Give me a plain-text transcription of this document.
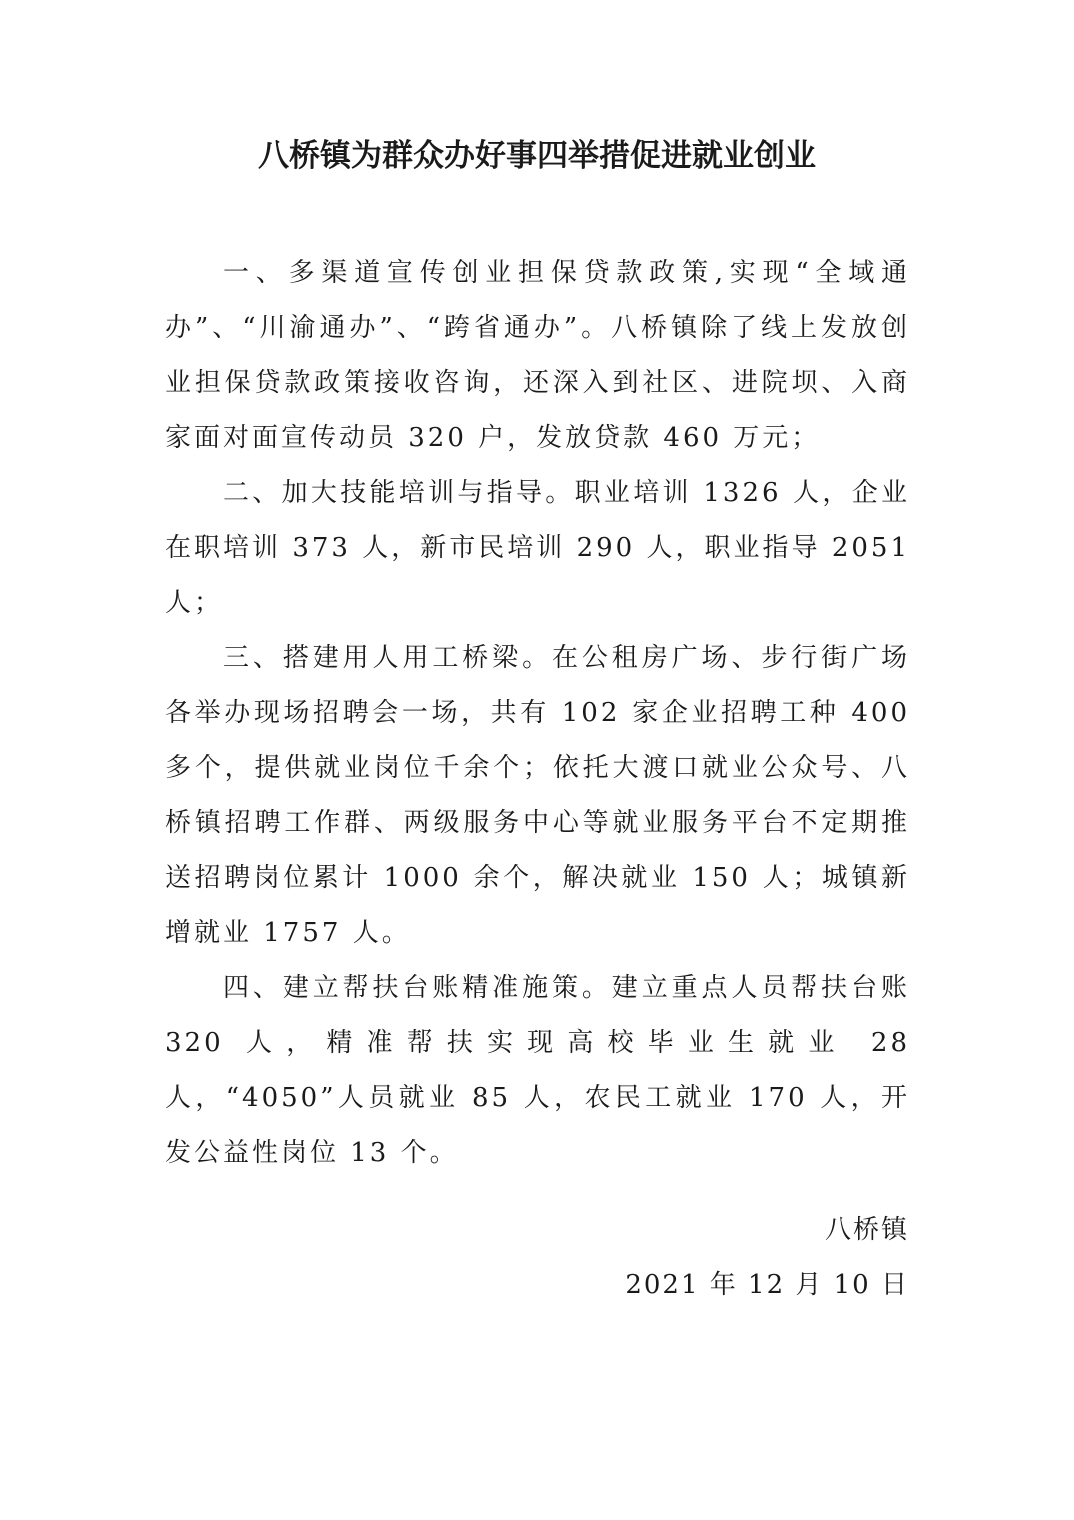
八桥镇为群众办好事四举措促进就业创业

一、多渠道宣传创业担保贷款政策,实现“全域通办”、“川渝通办”、“跨省通办”。八桥镇除了线上发放创业担保贷款政策接收咨询，还深入到社区、进院坝、入商家面对面宣传动员 320 户，发放贷款 460 万元；

二、加大技能培训与指导。职业培训 1326 人，企业在职培训 373 人，新市民培训 290 人，职业指导 2051 人；

三、搭建用人用工桥梁。在公租房广场、步行街广场各举办现场招聘会一场，共有 102 家企业招聘工种 400 多个，提供就业岗位千余个；依托大渡口就业公众号、八桥镇招聘工作群、两级服务中心等就业服务平台不定期推送招聘岗位累计 1000 余个，解决就业 150 人；城镇新增就业 1757 人。

四、建立帮扶台账精准施策。建立重点人员帮扶台账 320 人，精准帮扶实现高校毕业生就业 28 人，“4050”人员就业 85 人，农民工就业 170 人，开发公益性岗位 13 个。

八桥镇
2021 年 12 月 10 日
